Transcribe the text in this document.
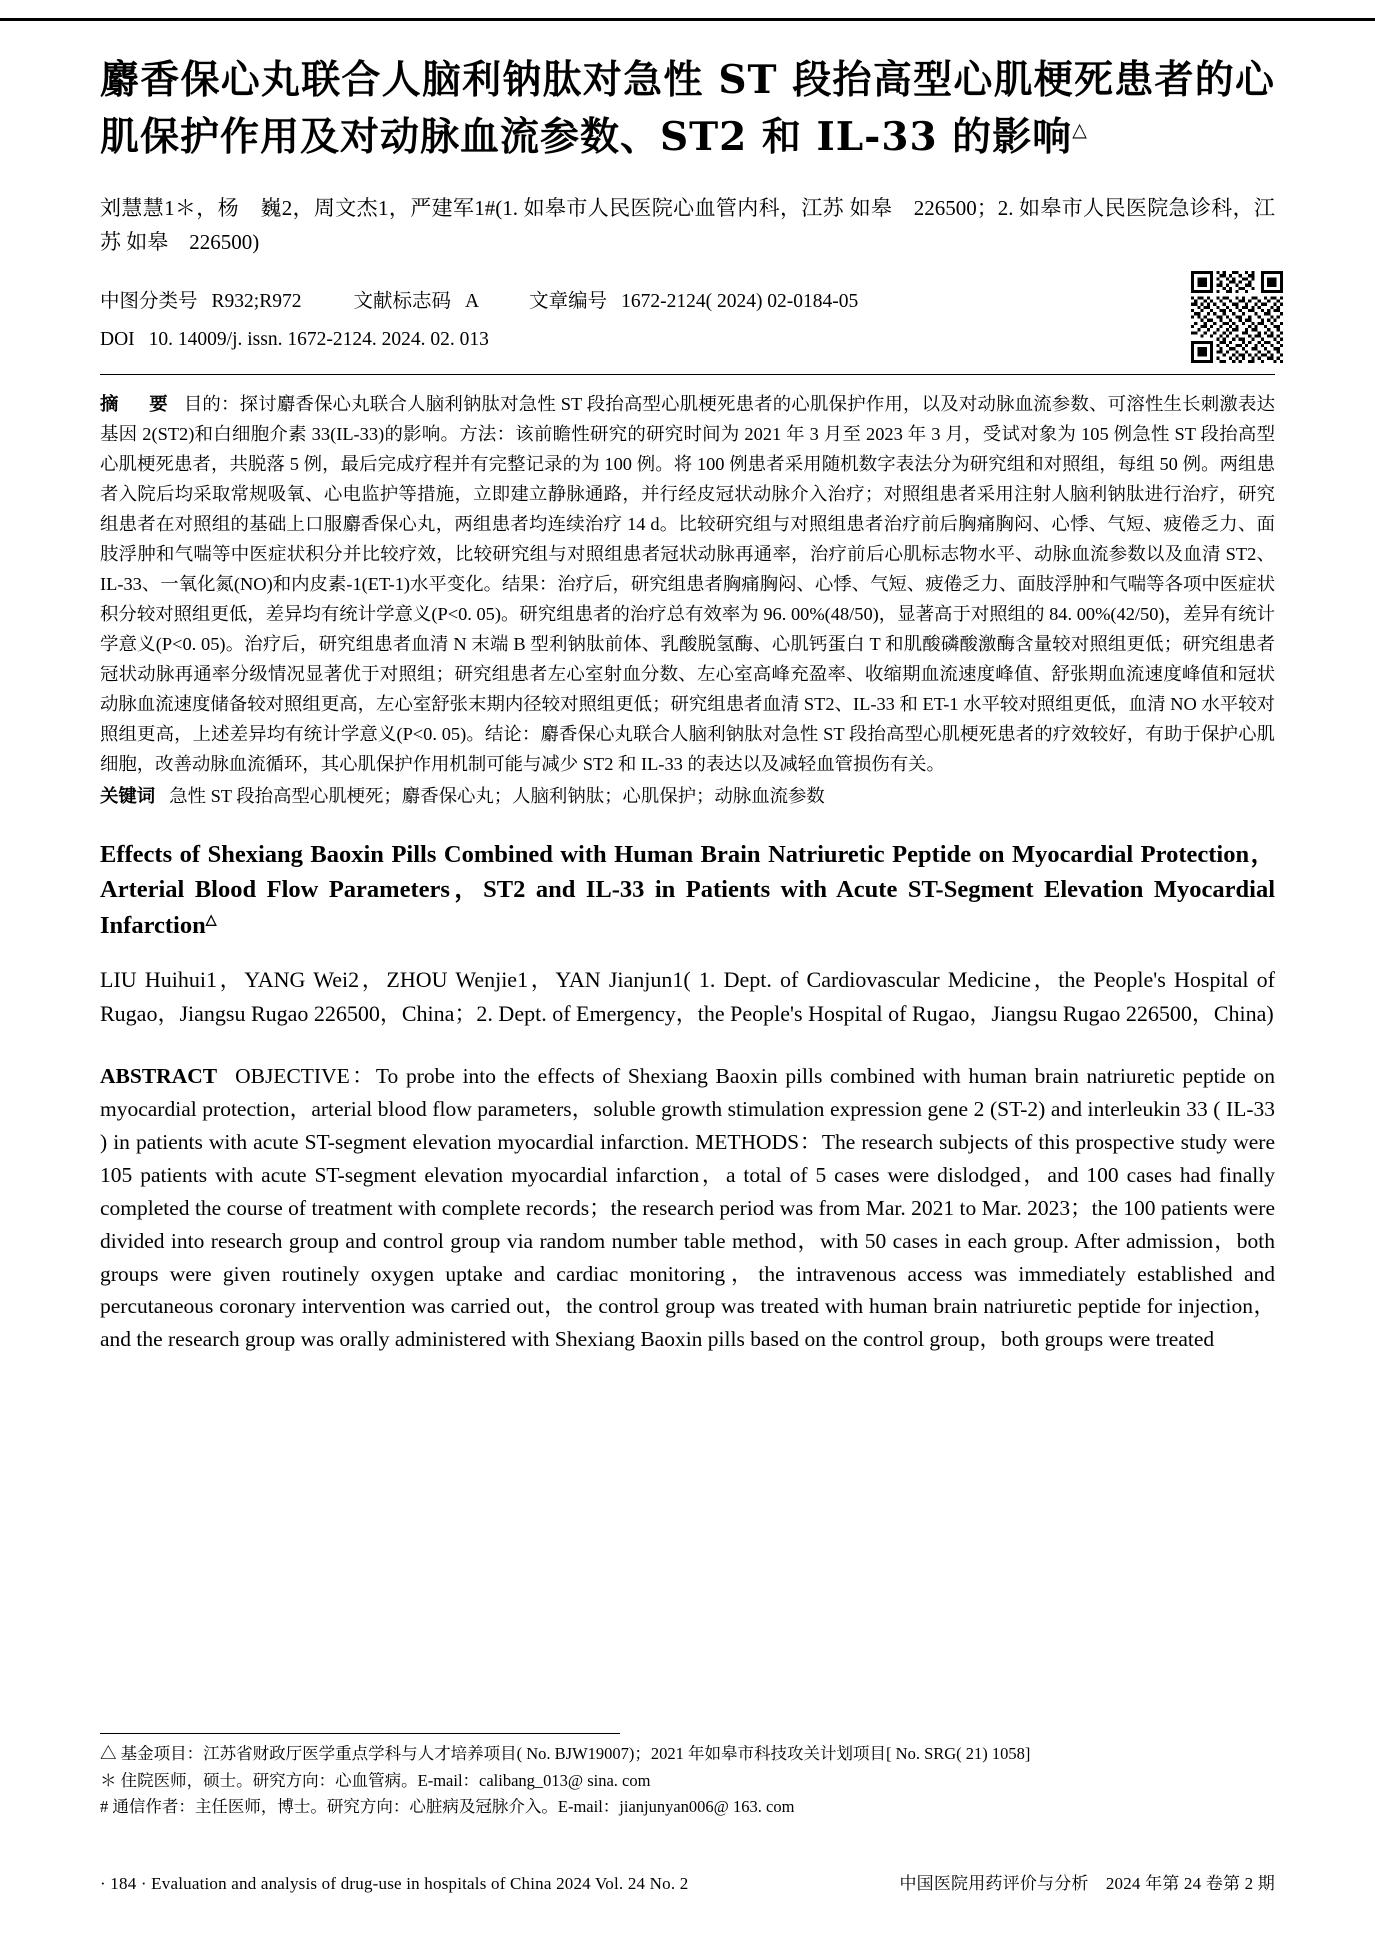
麝香保心丸联合人脑利钠肽对急性 ST 段抬高型心肌梗死患者的心肌保护作用及对动脉血流参数、ST2 和 IL-33 的影响△
刘慧慧1＊，杨　巍2，周文杰1，严建军1#(1. 如皋市人民医院心血管内科，江苏 如皋　226500；2. 如皋市人民医院急诊科，江苏 如皋　226500)
中图分类号 R932;R972	文献标志码 A	文章编号 1672-2124( 2024) 02-0184-05
DOI 10. 14009/j. issn. 1672-2124. 2024. 02. 013
摘　要 目的：探讨麝香保心丸联合人脑利钠肽对急性 ST 段抬高型心肌梗死患者的心肌保护作用，以及对动脉血流参数、可溶性生长刺激表达基因 2(ST2)和白细胞介素 33(IL-33)的影响。方法：该前瞻性研究的研究时间为 2021 年 3 月至 2023 年 3 月，受试对象为 105 例急性 ST 段抬高型心肌梗死患者，共脱落 5 例，最后完成疗程并有完整记录的为 100 例。将 100 例患者采用随机数字表法分为研究组和对照组，每组 50 例。两组患者入院后均采取常规吸氧、心电监护等措施，立即建立静脉通路，并行经皮冠状动脉介入治疗；对照组患者采用注射人脑利钠肽进行治疗，研究组患者在对照组的基础上口服麝香保心丸，两组患者均连续治疗 14 d。比较研究组与对照组患者治疗前后胸痛胸闷、心悸、气短、疲倦乏力、面肢浮肿和气喘等中医症状积分并比较疗效，比较研究组与对照组患者冠状动脉再通率，治疗前后心肌标志物水平、动脉血流参数以及血清 ST2、IL-33、一氧化氮(NO)和内皮素-1(ET-1)水平变化。结果：治疗后，研究组患者胸痛胸闷、心悸、气短、疲倦乏力、面肢浮肿和气喘等各项中医症状积分较对照组更低，差异均有统计学意义(P<0. 05)。研究组患者的治疗总有效率为 96. 00%(48/50)，显著高于对照组的 84. 00%(42/50)，差异有统计学意义(P<0. 05)。治疗后，研究组患者血清 N 末端 B 型利钠肽前体、乳酸脱氢酶、心肌钙蛋白 T 和肌酸磷酸激酶含量较对照组更低；研究组患者冠状动脉再通率分级情况显著优于对照组；研究组患者左心室射血分数、左心室高峰充盈率、收缩期血流速度峰值、舒张期血流速度峰值和冠状动脉血流速度储备较对照组更高，左心室舒张末期内径较对照组更低；研究组患者血清 ST2、IL-33 和 ET-1 水平较对照组更低，血清 NO 水平较对照组更高，上述差异均有统计学意义(P<0. 05)。结论：麝香保心丸联合人脑利钠肽对急性 ST 段抬高型心肌梗死患者的疗效较好，有助于保护心肌细胞，改善动脉血流循环，其心肌保护作用机制可能与减少 ST2 和 IL-33 的表达以及减轻血管损伤有关。
关键词 急性 ST 段抬高型心肌梗死；麝香保心丸；人脑利钠肽；心肌保护；动脉血流参数
Effects of Shexiang Baoxin Pills Combined with Human Brain Natriuretic Peptide on Myocardial Protection，Arterial Blood Flow Parameters，ST2 and IL-33 in Patients with Acute ST-Segment Elevation Myocardial Infarction△
LIU Huihui1，YANG Wei2，ZHOU Wenjie1，YAN Jianjun1( 1. Dept. of Cardiovascular Medicine，the People's Hospital of Rugao，Jiangsu Rugao 226500，China；2. Dept. of Emergency，the People's Hospital of Rugao，Jiangsu Rugao 226500，China)
ABSTRACT OBJECTIVE：To probe into the effects of Shexiang Baoxin pills combined with human brain natriuretic peptide on myocardial protection，arterial blood flow parameters，soluble growth stimulation expression gene 2 (ST-2) and interleukin 33 ( IL-33 ) in patients with acute ST-segment elevation myocardial infarction. METHODS：The research subjects of this prospective study were 105 patients with acute ST-segment elevation myocardial infarction，a total of 5 cases were dislodged，and 100 cases had finally completed the course of treatment with complete records；the research period was from Mar. 2021 to Mar. 2023；the 100 patients were divided into research group and control group via random number table method，with 50 cases in each group. After admission，both groups were given routinely oxygen uptake and cardiac monitoring，the intravenous access was immediately established and percutaneous coronary intervention was carried out，the control group was treated with human brain natriuretic peptide for injection，and the research group was orally administered with Shexiang Baoxin pills based on the control group，both groups were treated

△ 基金项目：江苏省财政厅医学重点学科与人才培养项目( No. BJW19007)；2021 年如皋市科技攻关计划项目[ No. SRG( 21) 1058]

＊ 住院医师，硕士。研究方向：心血管病。E-mail：calibang_013@ sina. com

# 通信作者：主任医师，博士。研究方向：心脏病及冠脉介入。E-mail：jianjunyan006@ 163. com

· 184 · Evaluation and analysis of drug-use in hospitals of China 2024 Vol. 24 No. 2	中国医院用药评价与分析　2024 年第 24 卷第 2 期
